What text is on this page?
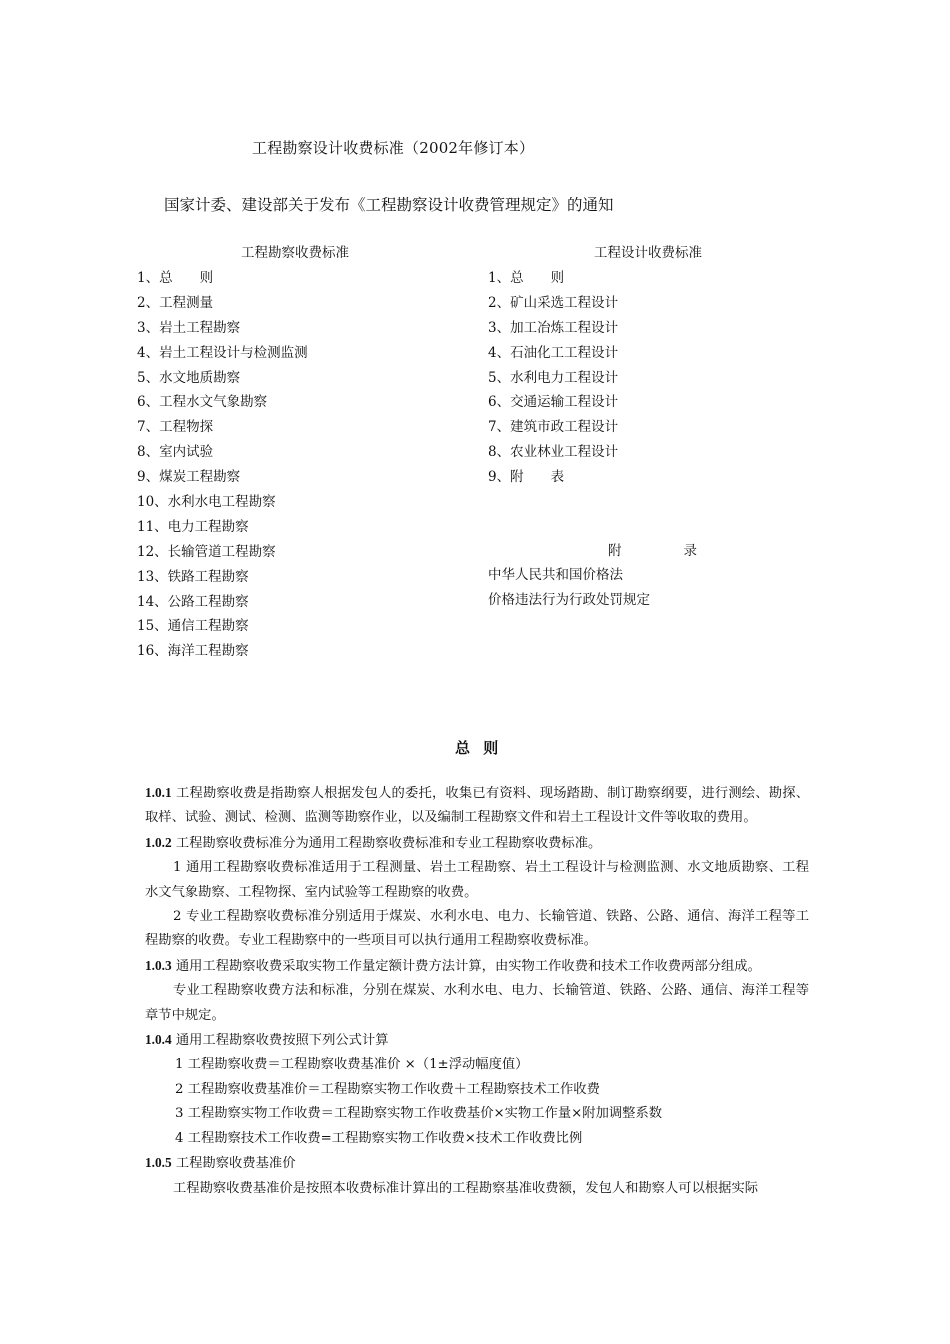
工程勘察设计收费标准（2002年修订本）
国家计委、建设部关于发布《工程勘察设计收费管理规定》的通知
工程勘察收费标准
1、总　　则
2、工程测量
3、岩土工程勘察
4、岩土工程设计与检测监测
5、水文地质勘察
6、工程水文气象勘察
7、工程物探
8、室内试验
9、煤炭工程勘察
10、水利水电工程勘察
11、电力工程勘察
12、长输管道工程勘察
13、铁路工程勘察
14、公路工程勘察
15、通信工程勘察
16、海洋工程勘察
工程设计收费标准
1、总　　则
2、矿山采选工程设计
3、加工冶炼工程设计
4、石油化工工程设计
5、水利电力工程设计
6、交通运输工程设计
7、建筑市政工程设计
8、农业林业工程设计
9、附　　表
附	录
中华人民共和国价格法
价格违法行为行政处罚规定
总 则

1.0.1 工程勘察收费是指勘察人根据发包人的委托，收集已有资料、现场踏勘、制订勘察纲要，进行测绘、勘探、取样、试验、测试、检测、监测等勘察作业，以及编制工程勘察文件和岩土工程设计文件等收取的费用。

1.0.2 工程勘察收费标准分为通用工程勘察收费标准和专业工程勘察收费标准。

1 通用工程勘察收费标准适用于工程测量、岩土工程勘察、岩土工程设计与检测监测、水文地质勘察、工程水文气象勘察、工程物探、室内试验等工程勘察的收费。

2 专业工程勘察收费标准分别适用于煤炭、水利水电、电力、长输管道、铁路、公路、通信、海洋工程等工程勘察的收费。专业工程勘察中的一些项目可以执行通用工程勘察收费标准。

1.0.3 通用工程勘察收费采取实物工作量定额计费方法计算，由实物工作收费和技术工作收费两部分组成。

专业工程勘察收费方法和标准，分别在煤炭、水利水电、电力、长输管道、铁路、公路、通信、海洋工程等章节中规定。

1.0.4 通用工程勘察收费按照下列公式计算

1 工程勘察收费＝工程勘察收费基准价 ×（1±浮动幅度值）

2 工程勘察收费基准价＝工程勘察实物工作收费＋工程勘察技术工作收费

3 工程勘察实物工作收费＝工程勘察实物工作收费基价×实物工作量×附加调整系数

4 工程勘察技术工作收费=工程勘察实物工作收费×技术工作收费比例

1.0.5 工程勘察收费基准价

工程勘察收费基准价是按照本收费标准计算出的工程勘察基准收费额，发包人和勘察人可以根据实际
